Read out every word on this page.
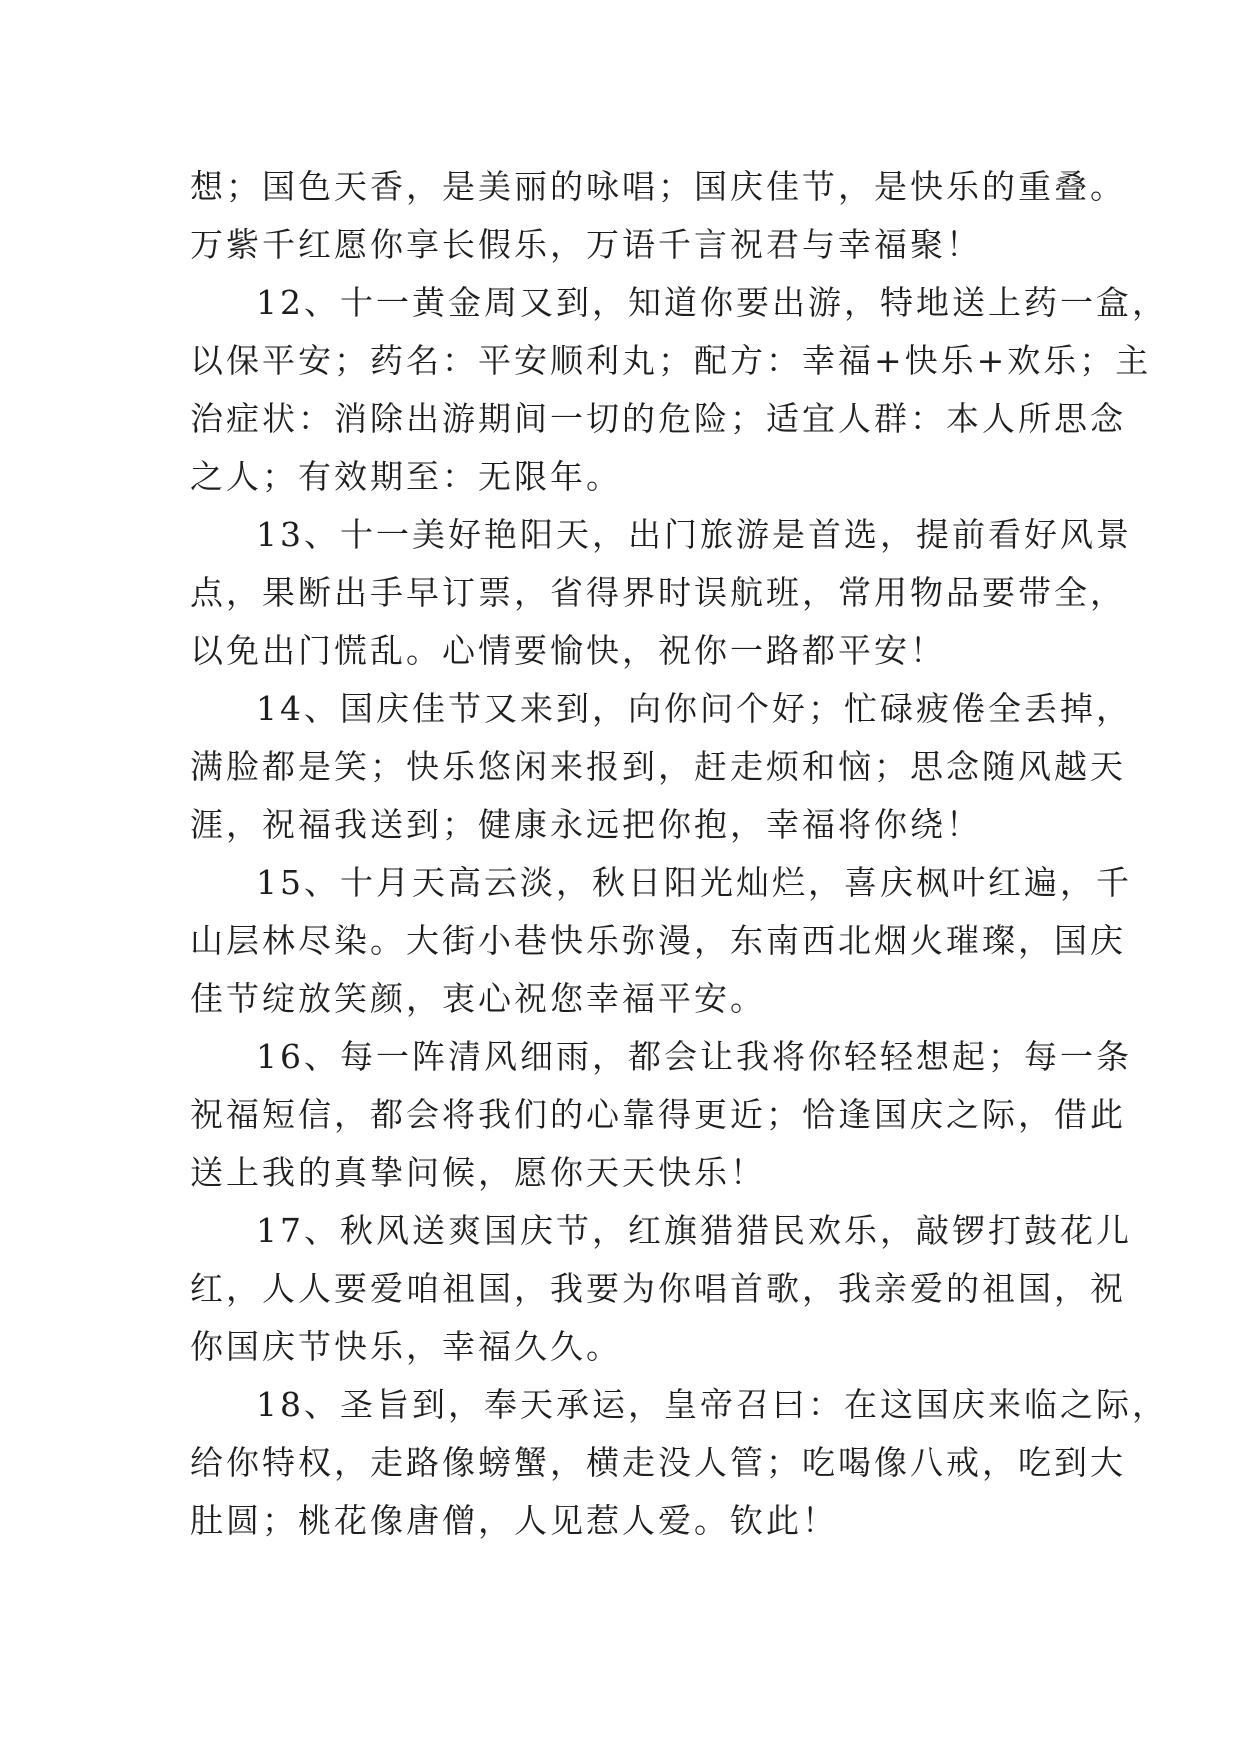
想；国色天香，是美丽的咏唱；国庆佳节，是快乐的重叠。
万紫千红愿你享长假乐，万语千言祝君与幸福聚！
12、十一黄金周又到，知道你要出游，特地送上药一盒，
以保平安；药名：平安顺利丸；配方：幸福+快乐+欢乐；主
治症状：消除出游期间一切的危险；适宜人群：本人所思念
之人；有效期至：无限年。
13、十一美好艳阳天，出门旅游是首选，提前看好风景
点，果断出手早订票，省得界时误航班，常用物品要带全，
以免出门慌乱。心情要愉快，祝你一路都平安！
14、国庆佳节又来到，向你问个好；忙碌疲倦全丢掉，
满脸都是笑；快乐悠闲来报到，赶走烦和恼；思念随风越天
涯，祝福我送到；健康永远把你抱，幸福将你绕！
15、十月天高云淡，秋日阳光灿烂，喜庆枫叶红遍，千
山层林尽染。大街小巷快乐弥漫，东南西北烟火璀璨，国庆
佳节绽放笑颜，衷心祝您幸福平安。
16、每一阵清风细雨，都会让我将你轻轻想起；每一条
祝福短信，都会将我们的心靠得更近；恰逢国庆之际，借此
送上我的真挚问候，愿你天天快乐！
17、秋风送爽国庆节，红旗猎猎民欢乐，敲锣打鼓花儿
红，人人要爱咱祖国，我要为你唱首歌，我亲爱的祖国，祝
你国庆节快乐，幸福久久。
18、圣旨到，奉天承运，皇帝召曰：在这国庆来临之际，
给你特权，走路像螃蟹，横走没人管；吃喝像八戒，吃到大
肚圆；桃花像唐僧，人见惹人爱。钦此！
